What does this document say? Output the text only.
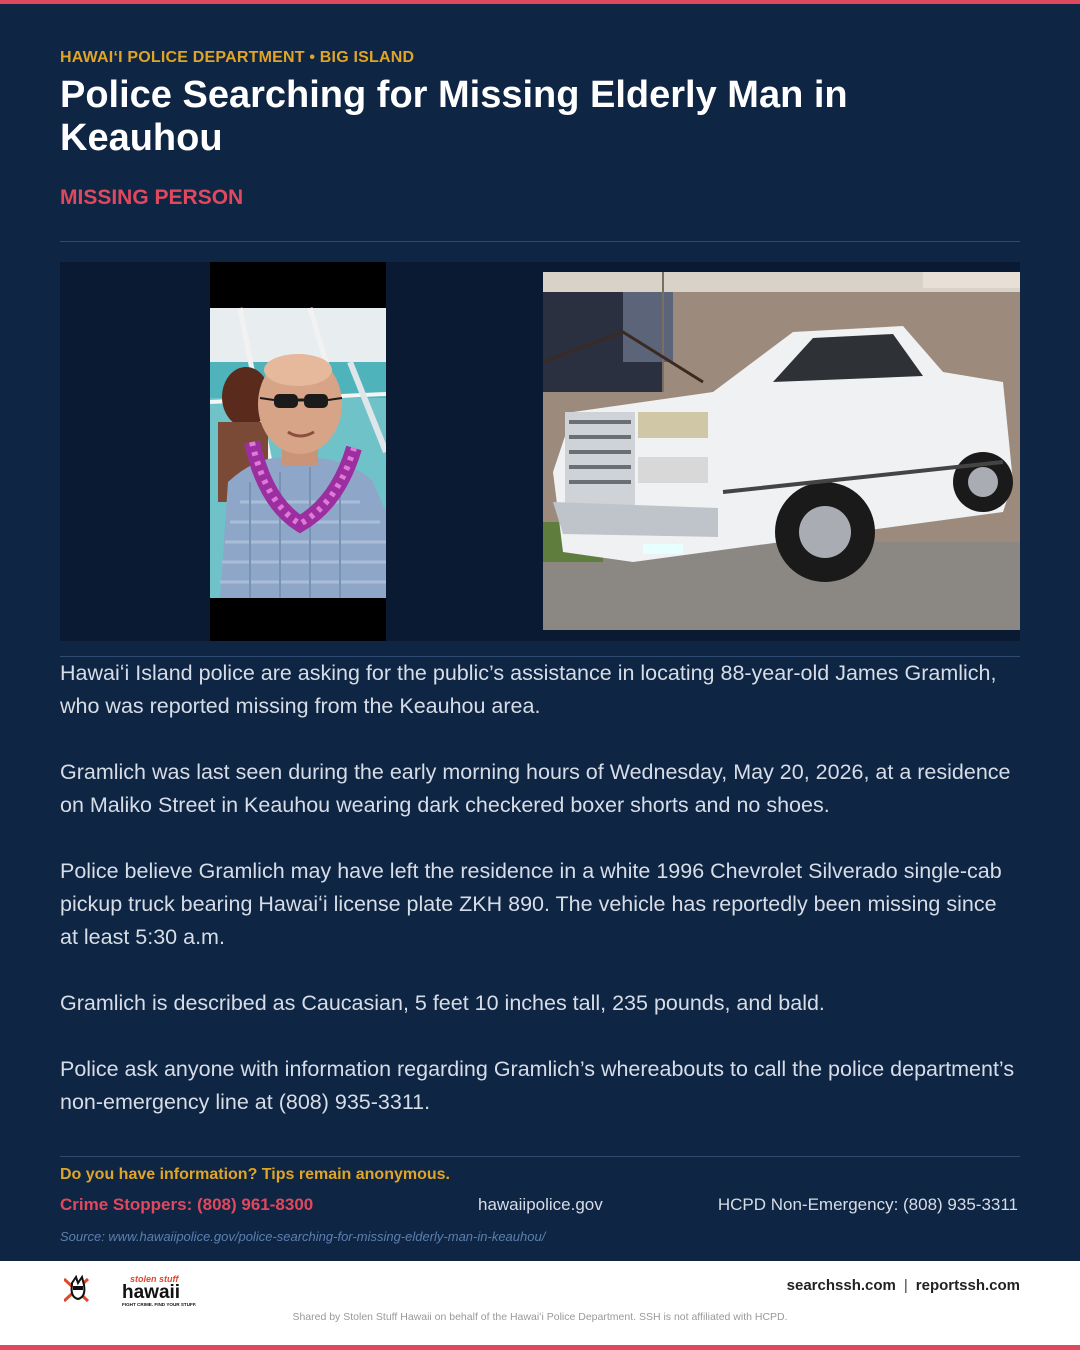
HAWAIʻI POLICE DEPARTMENT • BIG ISLAND
Police Searching for Missing Elderly Man in Keauhou
MISSING PERSON

Hawaiʻi Island police are asking for the public’s assistance in locating 88-year-old James Gramlich, who was reported missing from the Keauhou area.

Gramlich was last seen during the early morning hours of Wednesday, May 20, 2026, at a residence on Maliko Street in Keauhou wearing dark checkered boxer shorts and no shoes.

Police believe Gramlich may have left the residence in a white 1996 Chevrolet Silverado single-cab pickup truck bearing Hawaiʻi license plate ZKH 890. The vehicle has reportedly been missing since at least 5:30 a.m.

Gramlich is described as Caucasian, 5 feet 10 inches tall, 235 pounds, and bald.

Police ask anyone with information regarding Gramlich’s whereabouts to call the police department’s non-emergency line at (808) 935-3311.

Do you have information? Tips remain anonymous.
Crime Stoppers: (808) 961-8300	hawaiipolice.gov	HCPD Non-Emergency: (808) 935-3311
Source: www.hawaiipolice.gov/police-searching-for-missing-elderly-man-in-keauhou/
stolen stuff
hawaii
FIGHT CRIME. FIND YOUR STUFF.
searchssh.com | reportssh.com
Shared by Stolen Stuff Hawaii on behalf of the Hawaiʻi Police Department. SSH is not affiliated with HCPD.
